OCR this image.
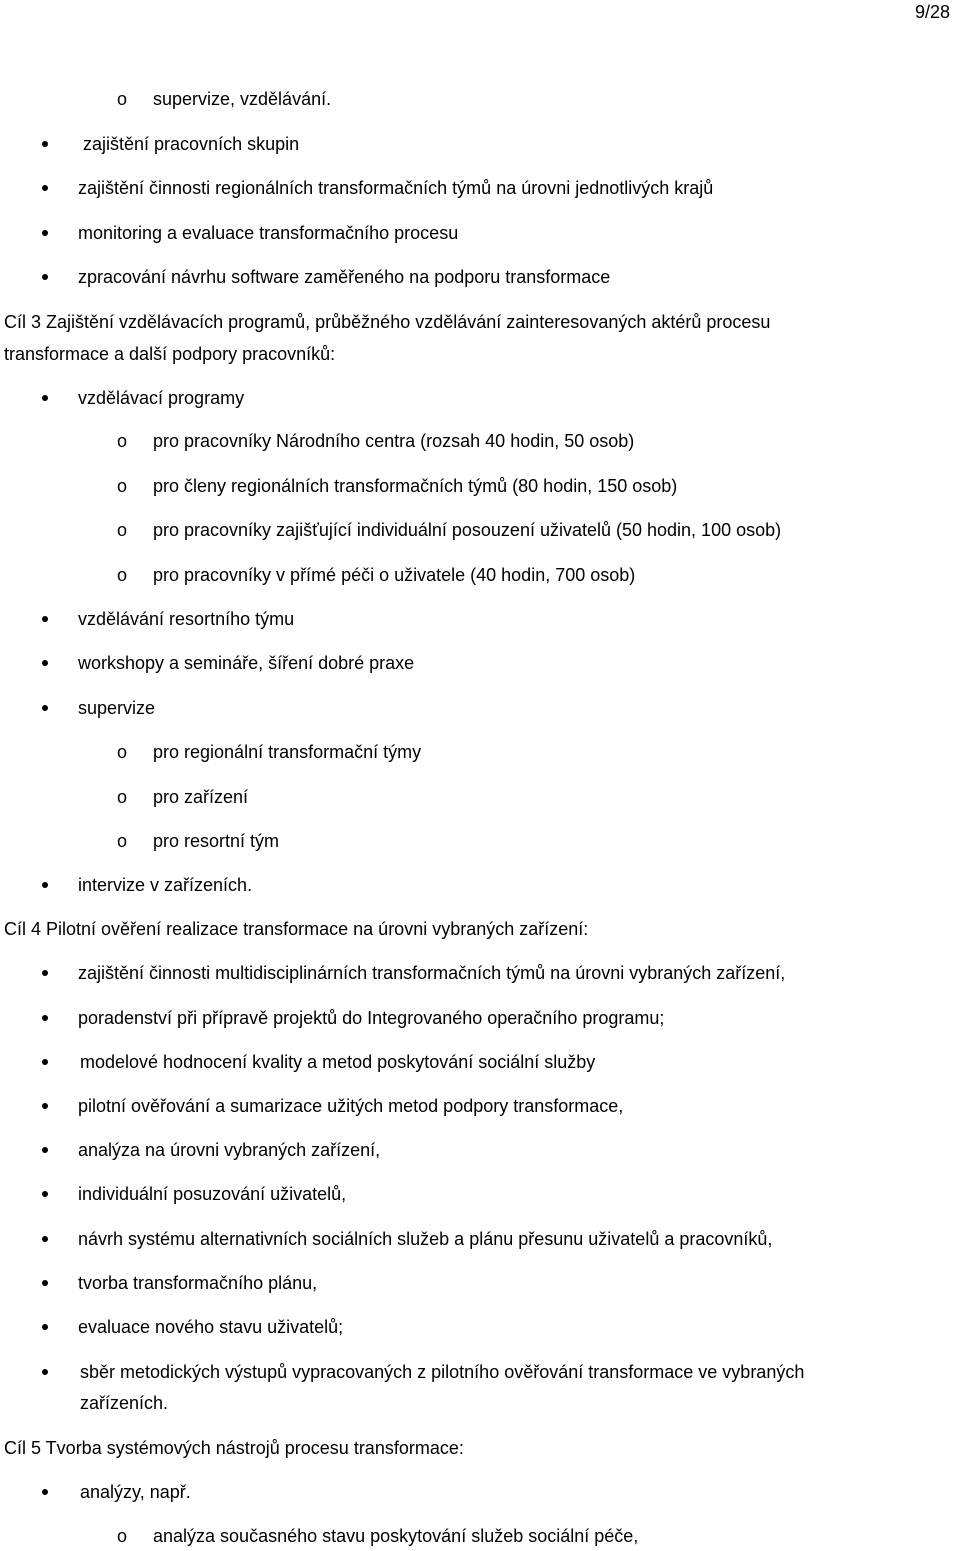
9/28
o supervize, vzdělávání.
zajištění pracovních skupin
zajištění činnosti regionálních transformačních týmů na úrovni jednotlivých krajů
monitoring a evaluace transformačního procesu
zpracování návrhu software zaměřeného na podporu transformace
Cíl 3 Zajištění vzdělávacích programů, průběžného vzdělávání zainteresovaných aktérů procesu
transformace a další podpory pracovníků:
vzdělávací programy
o pro pracovníky Národního centra (rozsah 40 hodin, 50 osob)
o pro členy regionálních transformačních týmů (80 hodin, 150 osob)
o pro pracovníky zajišťující individuální posouzení uživatelů (50 hodin, 100 osob)
o pro pracovníky v přímé péči o uživatele (40 hodin, 700 osob)
vzdělávání resortního týmu
workshopy a semináře, šíření dobré praxe
supervize
o pro regionální transformační týmy
o pro zařízení
o pro resortní tým
intervize v zařízeních.
Cíl 4 Pilotní ověření realizace transformace na úrovni vybraných zařízení:
zajištění činnosti multidisciplinárních transformačních týmů na úrovni vybraných zařízení,
poradenství při přípravě projektů do Integrovaného operačního programu;
modelové hodnocení kvality a metod poskytování sociální služby
pilotní ověřování a sumarizace užitých metod podpory transformace,
analýza na úrovni vybraných zařízení,
individuální posuzování uživatelů,
návrh systému alternativních sociálních služeb a plánu přesunu uživatelů a pracovníků,
tvorba transformačního plánu,
evaluace nového stavu uživatelů;
sběr metodických výstupů vypracovaných z pilotního ověřování transformace ve vybraných
zařízeních.
Cíl 5 Tvorba systémových nástrojů procesu transformace:
analýzy, např.
o analýza současného stavu poskytování služeb sociální péče,
